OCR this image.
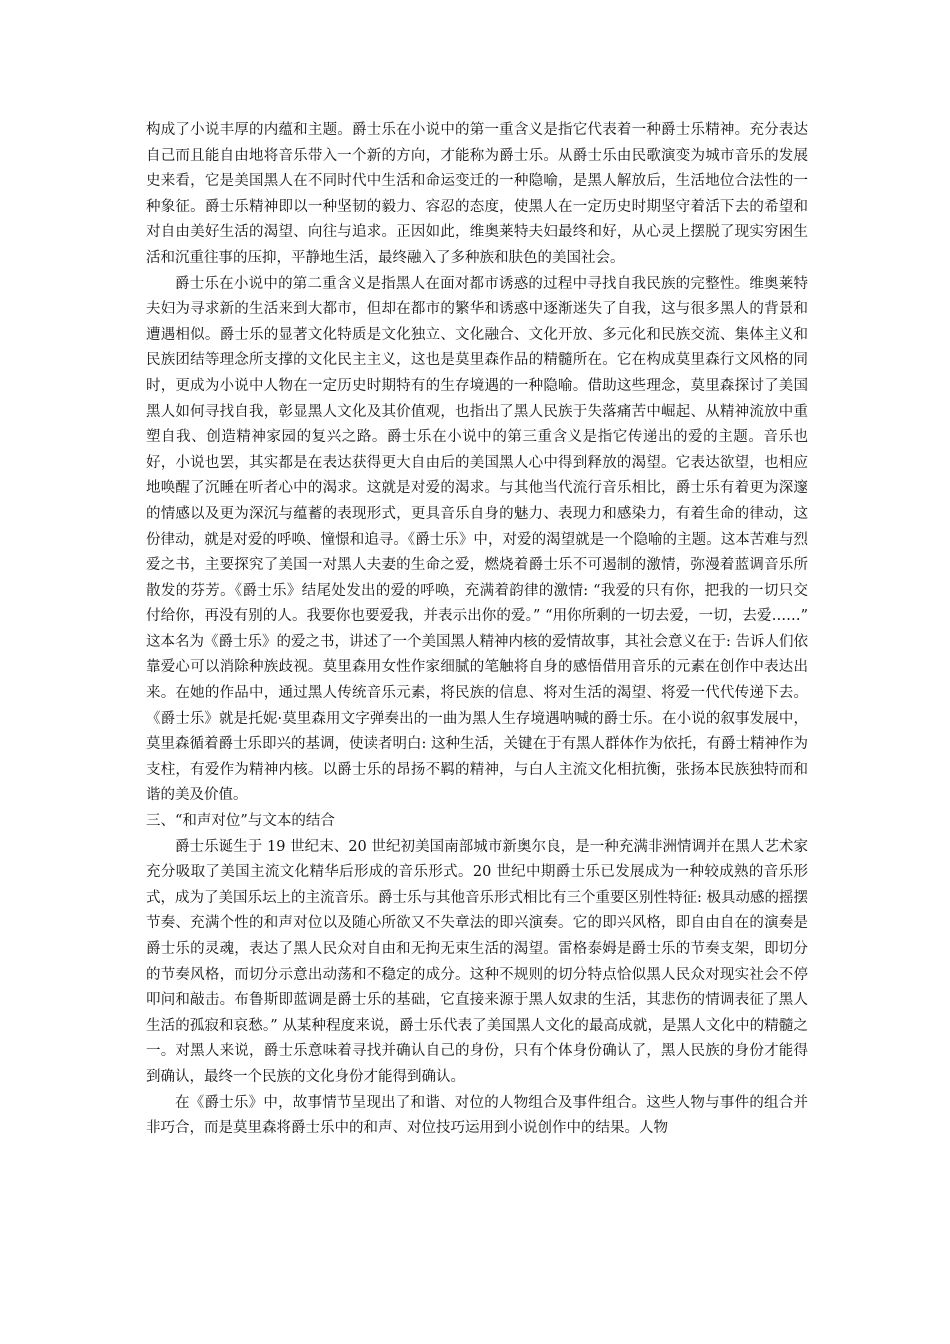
构成了小说丰厚的内蕴和主题。爵士乐在小说中的第一重含义是指它代表着一种爵士乐精神。充分表达自己而且能自由地将音乐带入一个新的方向，才能称为爵士乐。从爵士乐由民歌演变为城市音乐的发展史来看，它是美国黑人在不同时代中生活和命运变迁的一种隐喻，是黑人解放后，生活地位合法性的一种象征。爵士乐精神即以一种坚韧的毅力、容忍的态度，使黑人在一定历史时期坚守着活下去的希望和对自由美好生活的渴望、向往与追求。正因如此，维奥莱特夫妇最终和好，从心灵上摆脱了现实穷困生活和沉重往事的压抑，平静地生活，最终融入了多种族和肤色的美国社会。

爵士乐在小说中的第二重含义是指黑人在面对都市诱惑的过程中寻找自我民族的完整性。维奥莱特夫妇为寻求新的生活来到大都市，但却在都市的繁华和诱惑中逐渐迷失了自我，这与很多黑人的背景和遭遇相似。爵士乐的显著文化特质是文化独立、文化融合、文化开放、多元化和民族交流、集体主义和民族团结等理念所支撑的文化民主主义，这也是莫里森作品的精髓所在。它在构成莫里森行文风格的同时，更成为小说中人物在一定历史时期特有的生存境遇的一种隐喻。借助这些理念，莫里森探讨了美国黑人如何寻找自我，彰显黑人文化及其价值观，也指出了黑人民族于失落痛苦中崛起、从精神流放中重塑自我、创造精神家园的复兴之路。爵士乐在小说中的第三重含义是指它传递出的爱的主题。音乐也好，小说也罢，其实都是在表达获得更大自由后的美国黑人心中得到释放的渴望。它表达欲望，也相应地唤醒了沉睡在听者心中的渴求。这就是对爱的渴求。与其他当代流行音乐相比，爵士乐有着更为深邃的情感以及更为深沉与蕴蓄的表现形式，更具音乐自身的魅力、表现力和感染力，有着生命的律动，这份律动，就是对爱的呼唤、憧憬和追寻。《爵士乐》中，对爱的渴望就是一个隐喻的主题。这本苦难与烈爱之书，主要探究了美国一对黑人夫妻的生命之爱，燃烧着爵士乐不可遏制的激情，弥漫着蓝调音乐所散发的芬芳。《爵士乐》结尾处发出的爱的呼唤，充满着韵律的激情: “我爱的只有你，把我的一切只交付给你，再没有别的人。我要你也要爱我，并表示出你的爱。” “用你所剩的一切去爱，一切，去爱……” 这本名为《爵士乐》的爱之书，讲述了一个美国黑人精神内核的爱情故事，其社会意义在于: 告诉人们依靠爱心可以消除种族歧视。莫里森用女性作家细腻的笔触将自身的感悟借用音乐的元素在创作中表达出来。在她的作品中，通过黑人传统音乐元素，将民族的信息、将对生活的渴望、将爱一代代传递下去。《爵士乐》就是托妮·莫里森用文字弹奏出的一曲为黑人生存境遇呐喊的爵士乐。在小说的叙事发展中，莫里森循着爵士乐即兴的基调，使读者明白: 这种生活，关键在于有黑人群体作为依托，有爵士精神作为支柱，有爱作为精神内核。以爵士乐的昂扬不羁的精神，与白人主流文化相抗衡，张扬本民族独特而和谐的美及价值。

三、“和声对位”与文本的结合

爵士乐诞生于 19 世纪末、20 世纪初美国南部城市新奥尔良，是一种充满非洲情调并在黑人艺术家充分吸取了美国主流文化精华后形成的音乐形式。20 世纪中期爵士乐已发展成为一种较成熟的音乐形式，成为了美国乐坛上的主流音乐。爵士乐与其他音乐形式相比有三个重要区别性特征: 极具动感的摇摆节奏、充满个性的和声对位以及随心所欲又不失章法的即兴演奏。它的即兴风格，即自由自在的演奏是爵士乐的灵魂，表达了黑人民众对自由和无拘无束生活的渴望。雷格泰姆是爵士乐的节奏支架，即切分的节奏风格，而切分示意出动荡和不稳定的成分。这种不规则的切分特点恰似黑人民众对现实社会不停叩问和敲击。布鲁斯即蓝调是爵士乐的基础，它直接来源于黑人奴隶的生活，其悲伤的情调表征了黑人生活的孤寂和哀愁。” 从某种程度来说，爵士乐代表了美国黑人文化的最高成就，是黑人文化中的精髓之一。对黑人来说，爵士乐意味着寻找并确认自己的身份，只有个体身份确认了，黑人民族的身份才能得到确认，最终一个民族的文化身份才能得到确认。

在《爵士乐》中，故事情节呈现出了和谐、对位的人物组合及事件组合。这些人物与事件的组合并非巧合，而是莫里森将爵士乐中的和声、对位技巧运用到小说创作中的结果。人物
